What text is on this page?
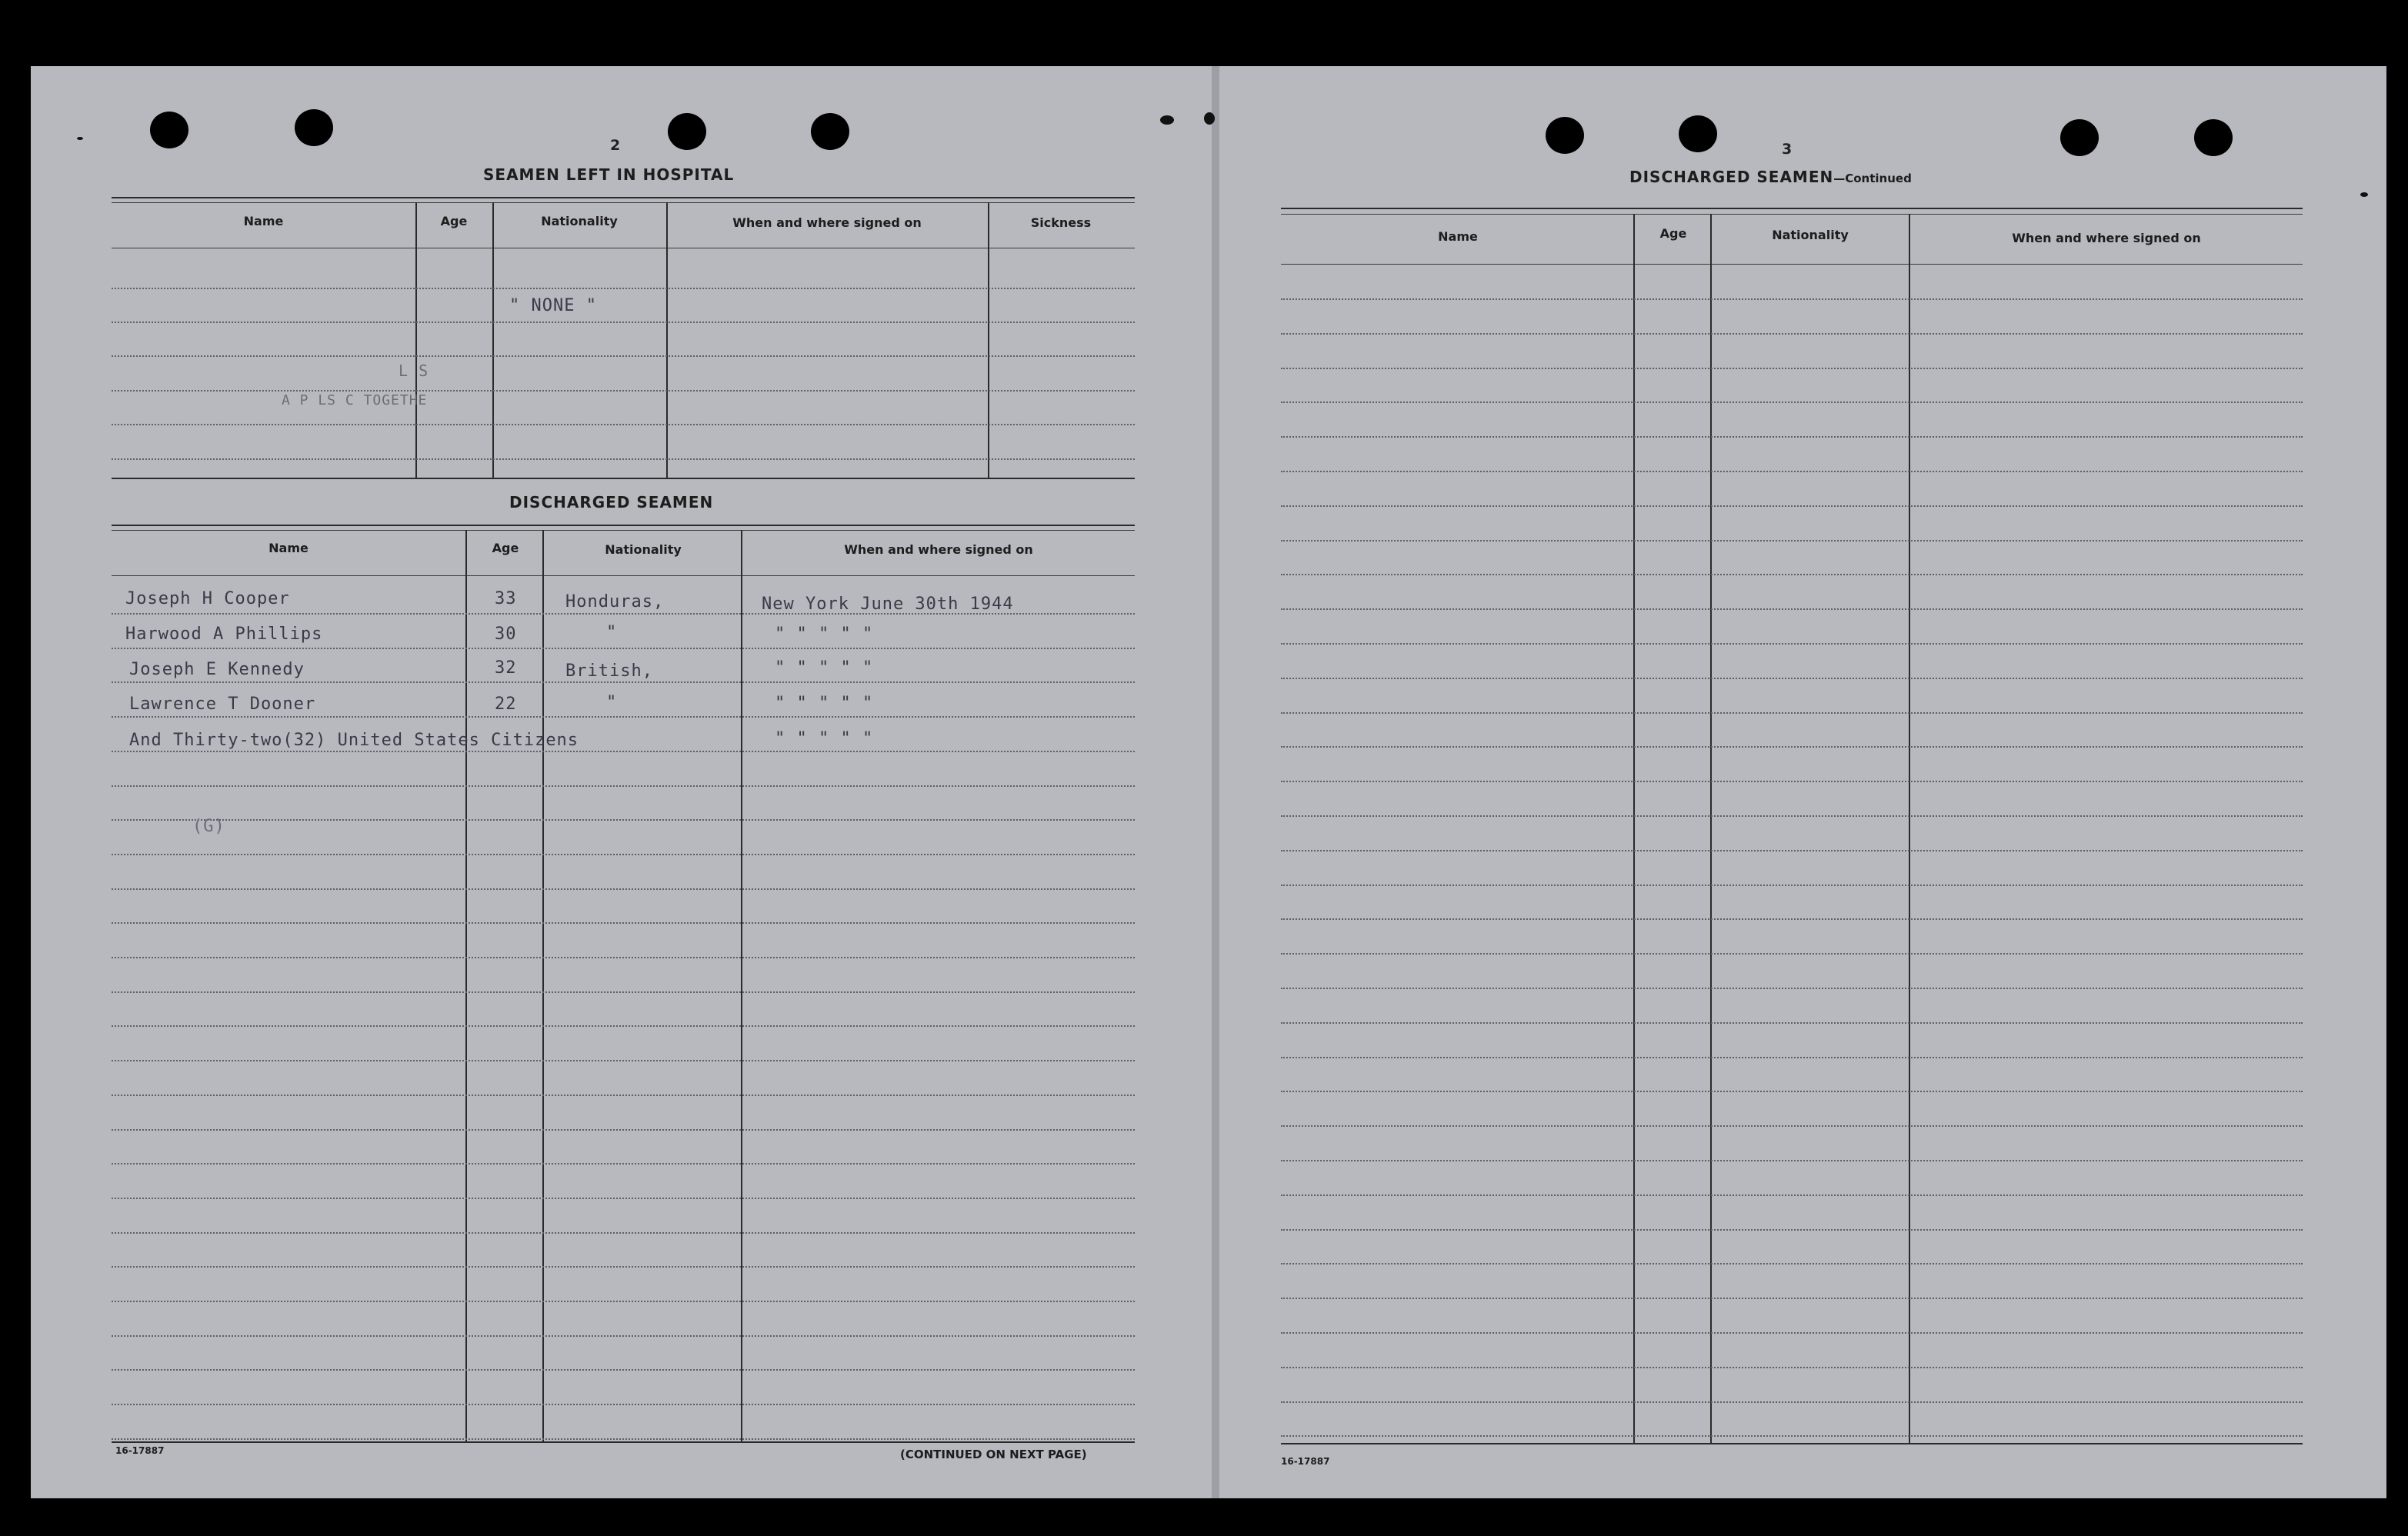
2
SEAMEN LEFT IN HOSPITAL
Name	Age	Nationality	When and where signed on	Sickness
" NONE "
L S
A P LS C TOGETHE
DISCHARGED SEAMEN
Name	Age	Nationality	When and where signed on
Joseph H Cooper	33	Honduras,	New York June 30th 1944
Harwood A Phillips	30	"	" " " " "
Joseph E Kennedy	32	British,	" " " " "
Lawrence T Dooner	22	"	" " " " "
And Thirty-two(32) United States Citizens	" " " " "
(G)
16-17887	(CONTINUED ON NEXT PAGE)
3
DISCHARGED SEAMEN—Continued
Name	Age	Nationality	When and where signed on
16-17887
